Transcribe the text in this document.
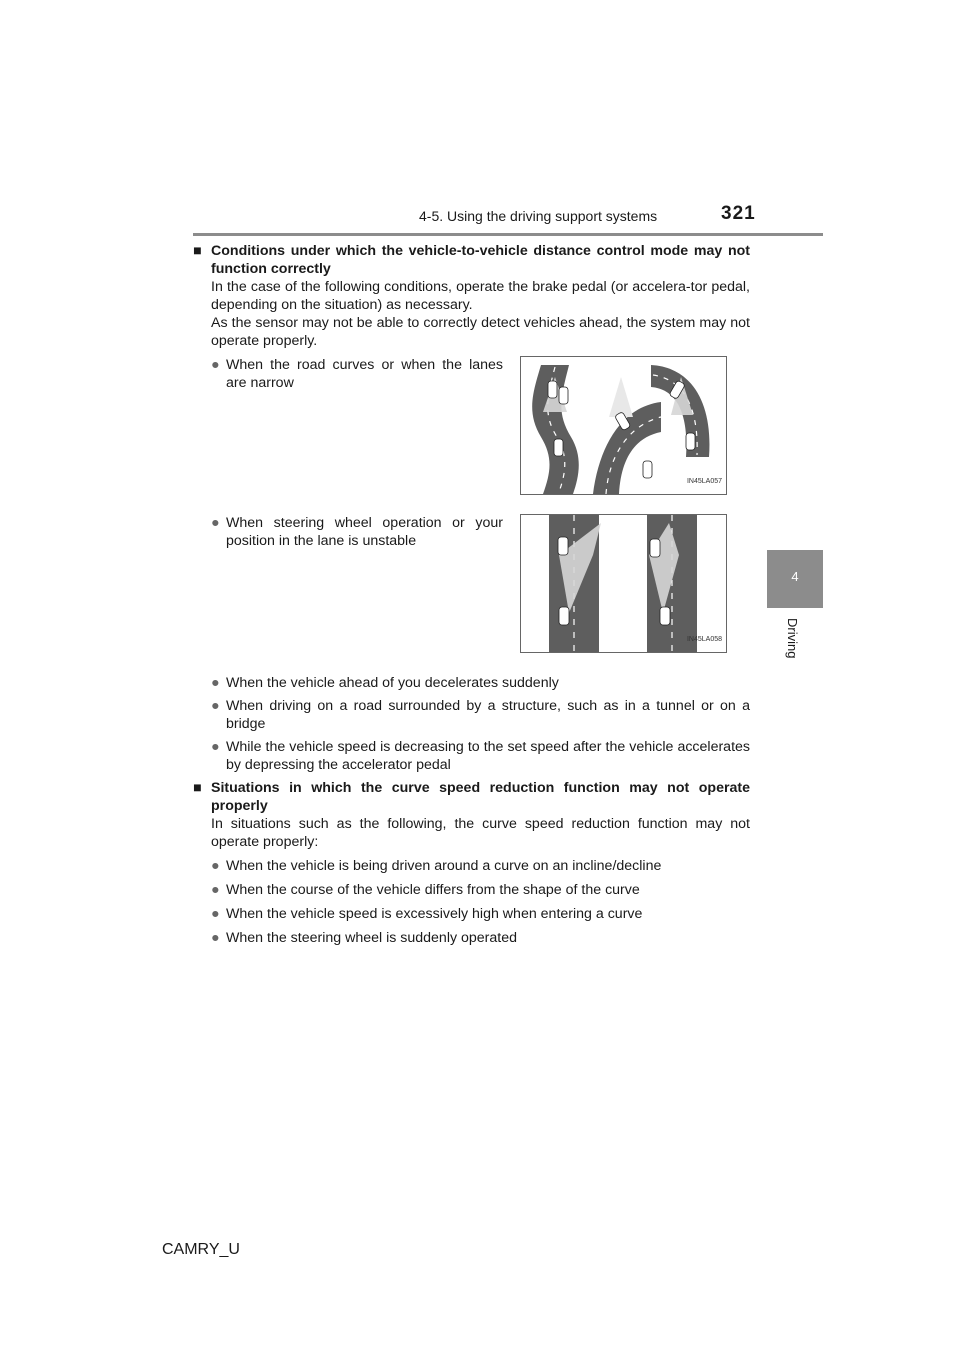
4-5. Using the driving support systems	321
4
Driving
■ Conditions under which the vehicle-to-vehicle distance control mode may not function correctly
In the case of the following conditions, operate the brake pedal (or accelera-tor pedal, depending on the situation) as necessary.
As the sensor may not be able to correctly detect vehicles ahead, the system may not operate properly.
● When the road curves or when the lanes are narrow
IN45LA057
● When steering wheel operation or your position in the lane is unstable
IN45LA058
● When the vehicle ahead of you decelerates suddenly
● When driving on a road surrounded by a structure, such as in a tunnel or on a bridge
● While the vehicle speed is decreasing to the set speed after the vehicle accelerates by depressing the accelerator pedal
■ Situations in which the curve speed reduction function may not operate properly
In situations such as the following, the curve speed reduction function may not operate properly:
● When the vehicle is being driven around a curve on an incline/decline
● When the course of the vehicle differs from the shape of the curve
● When the vehicle speed is excessively high when entering a curve
● When the steering wheel is suddenly operated
CAMRY_U
